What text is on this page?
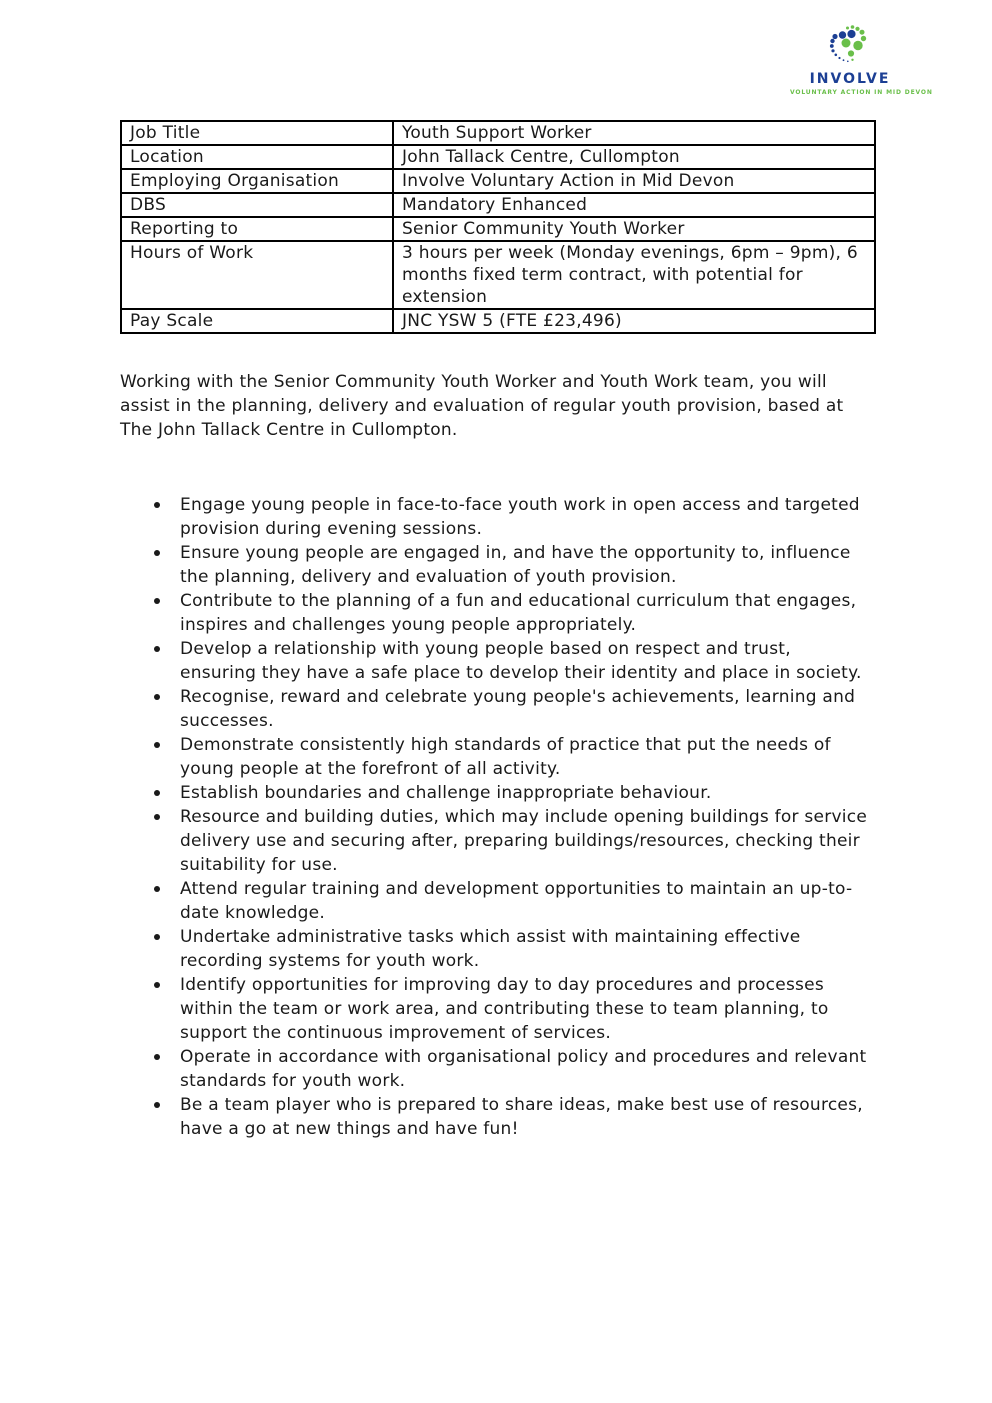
INVOLVE
VOLUNTARY ACTION IN MID DEVON
Job Title	Youth Support Worker
Location	John Tallack Centre, Cullompton
Employing Organisation	Involve Voluntary Action in Mid Devon
DBS	Mandatory Enhanced
Reporting to	Senior Community Youth Worker
Hours of Work	3 hours per week (Monday evenings, 6pm – 9pm), 6 months fixed term contract, with potential for extension
Pay Scale	JNC YSW 5 (FTE £23,496)

Working with the Senior Community Youth Worker and Youth Work team, you will assist in the planning, delivery and evaluation of regular youth provision, based at The John Tallack Centre in Cullompton.

Engage young people in face-to-face youth work in open access and targeted provision during evening sessions.
Ensure young people are engaged in, and have the opportunity to, influence the planning, delivery and evaluation of youth provision.
Contribute to the planning of a fun and educational curriculum that engages, inspires and challenges young people appropriately.
Develop a relationship with young people based on respect and trust, ensuring they have a safe place to develop their identity and place in society.
Recognise, reward and celebrate young people's achievements, learning and successes.
Demonstrate consistently high standards of practice that put the needs of young people at the forefront of all activity.
Establish boundaries and challenge inappropriate behaviour.
Resource and building duties, which may include opening buildings for service delivery use and securing after, preparing buildings/resources, checking their suitability for use.
Attend regular training and development opportunities to maintain an up-to-date knowledge.
Undertake administrative tasks which assist with maintaining effective recording systems for youth work.
Identify opportunities for improving day to day procedures and processes within the team or work area, and contributing these to team planning, to support the continuous improvement of services.
Operate in accordance with organisational policy and procedures and relevant standards for youth work.
Be a team player who is prepared to share ideas, make best use of resources, have a go at new things and have fun!
